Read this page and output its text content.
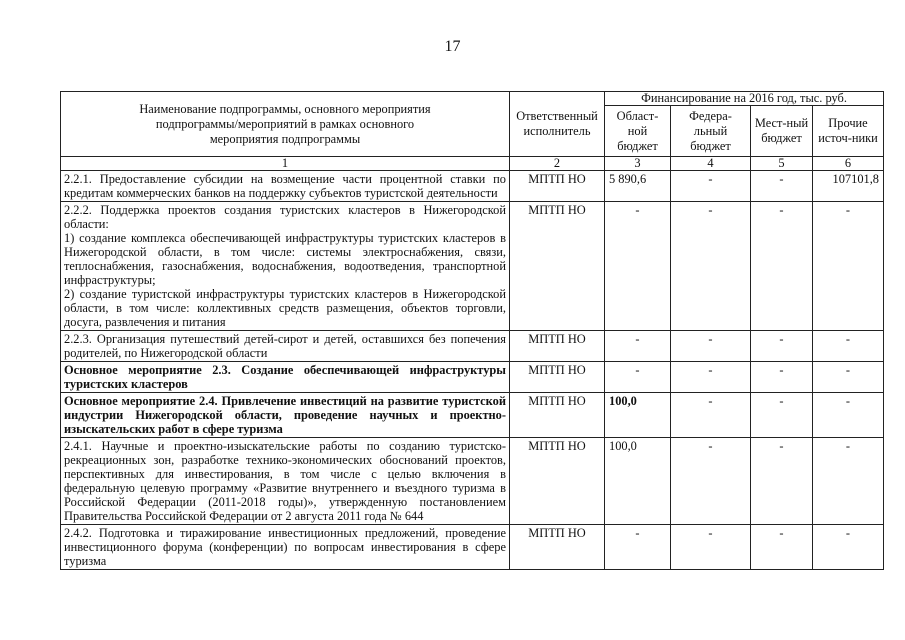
17
Наименование подпрограммы, основного мероприятия подпрограммы/мероприятий в рамках основного мероприятия подпрограммы	Ответственный исполнитель	Финансирование на 2016 год, тыс. руб.			
		Област-ной бюджет	Федера-льный бюджет	Мест-ный бюджет	Прочие источ-ники
1	2	3	4	5	6
2.2.1. Предоставление субсидии на возмещение части процентной ставки по кредитам коммерческих банков на поддержку субъектов туристской деятельности	МПТП НО	5 890,6	-	-	107101,8

2.2.2. Поддержка проектов создания туристских кластеров в Нижегородской области:
1) создание комплекса обеспечивающей инфраструктуры туристских кластеров в Нижегородской области, в том числе: системы электроснабжения, связи, теплоснабжения, газоснабжения, водоснабжения, водоотведения, транспортной инфраструктуры;
2) создание туристской инфраструктуры туристских кластеров в Нижегородской области, в том числе: коллективных средств размещения, объектов торговли, досуга, развлечения и питания	МПТП НО	-	-	-	-
2.2.3. Организация путешествий детей-сирот и детей, оставшихся без попечения родителей, по Нижегородской области	МПТП НО	-	-	-	-
Основное мероприятие 2.3. Создание обеспечивающей инфраструктуры туристских кластеров	МПТП НО	-	-	-	-
Основное мероприятие 2.4. Привлечение инвестиций на развитие туристской индустрии Нижегородской области, проведение научных и проектно-изыскательских работ в сфере туризма	МПТП НО	100,0	-	-	-
2.4.1. Научные и проектно-изыскательские работы по созданию туристско-рекреационных зон, разработке технико-экономических обоснований проектов, перспективных для инвестирования, в том числе с целью включения в федеральную целевую программу «Развитие внутреннего и въездного туризма в Российской Федерации (2011-2018 годы)», утвержденную постановлением Правительства Российской Федерации от 2 августа 2011 года № 644	МПТП НО	100,0	-	-	-
2.4.2. Подготовка и тиражирование инвестиционных предложений, проведение инвестиционного форума (конференции) по вопросам инвестирования в сфере туризма	МПТП НО	-	-	-	-
